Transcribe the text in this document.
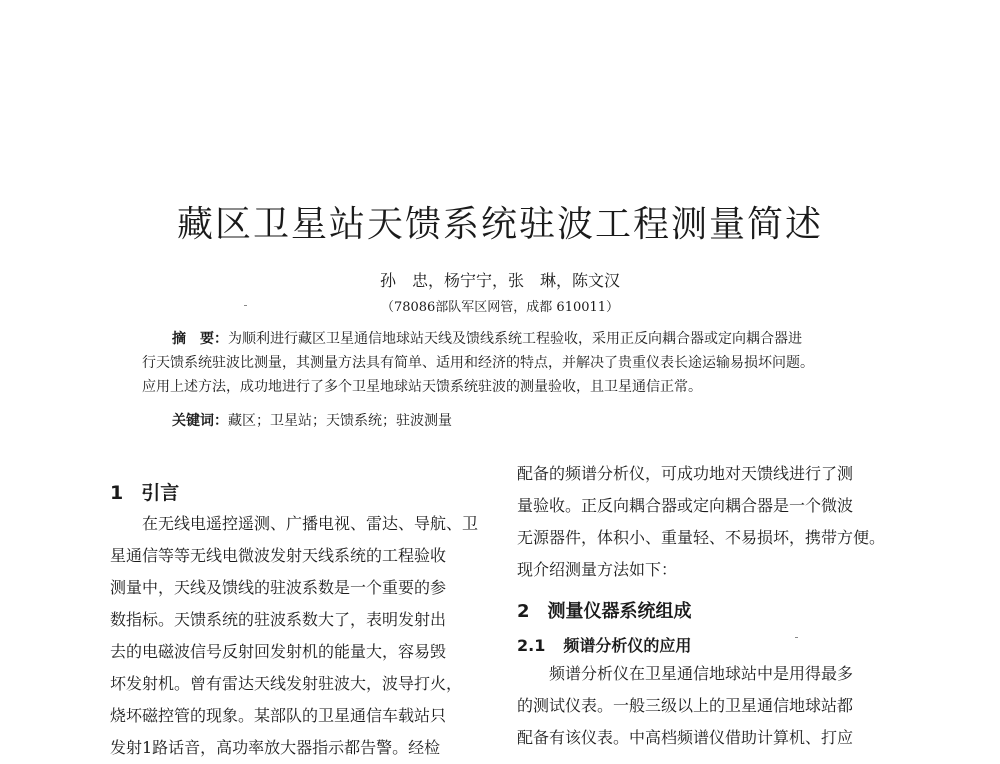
藏区卫星站天馈系统驻波工程测量简述
孙　忠，杨宁宁，张　琳，陈文汉
（78086部队军区网管，成都 610011）
摘　要：为顺利进行藏区卫星通信地球站天线及馈线系统工程验收，采用正反向耦合器或定向耦合器进
行天馈系统驻波比测量，其测量方法具有简单、适用和经济的特点，并解决了贵重仪表长途运输易损坏问题。
应用上述方法，成功地进行了多个卫星地球站天馈系统驻波的测量验收，且卫星通信正常。
关键词：藏区；卫星站；天馈系统；驻波测量
1 引言
在无线电遥控遥测、广播电视、雷达、导航、卫
星通信等等无线电微波发射天线系统的工程验收
测量中，天线及馈线的驻波系数是一个重要的参
数指标。天馈系统的驻波系数大了，表明发射出
去的电磁波信号反射回发射机的能量大，容易毁
坏发射机。曾有雷达天线发射驻波大，波导打火，
烧坏磁控管的现象。某部队的卫星通信车载站只
发射1路话音，高功率放大器指示都告警。经检
配备的频谱分析仪，可成功地对天馈线进行了测
量验收。正反向耦合器或定向耦合器是一个微波
无源器件，体积小、重量轻、不易损坏，携带方便。
现介绍测量方法如下：
2 测量仪器系统组成
2.1 频谱分析仪的应用
频谱分析仪在卫星通信地球站中是用得最多
的测试仪表。一般三级以上的卫星通信地球站都
配备有该仪表。中高档频谱仪借助计算机、打应
